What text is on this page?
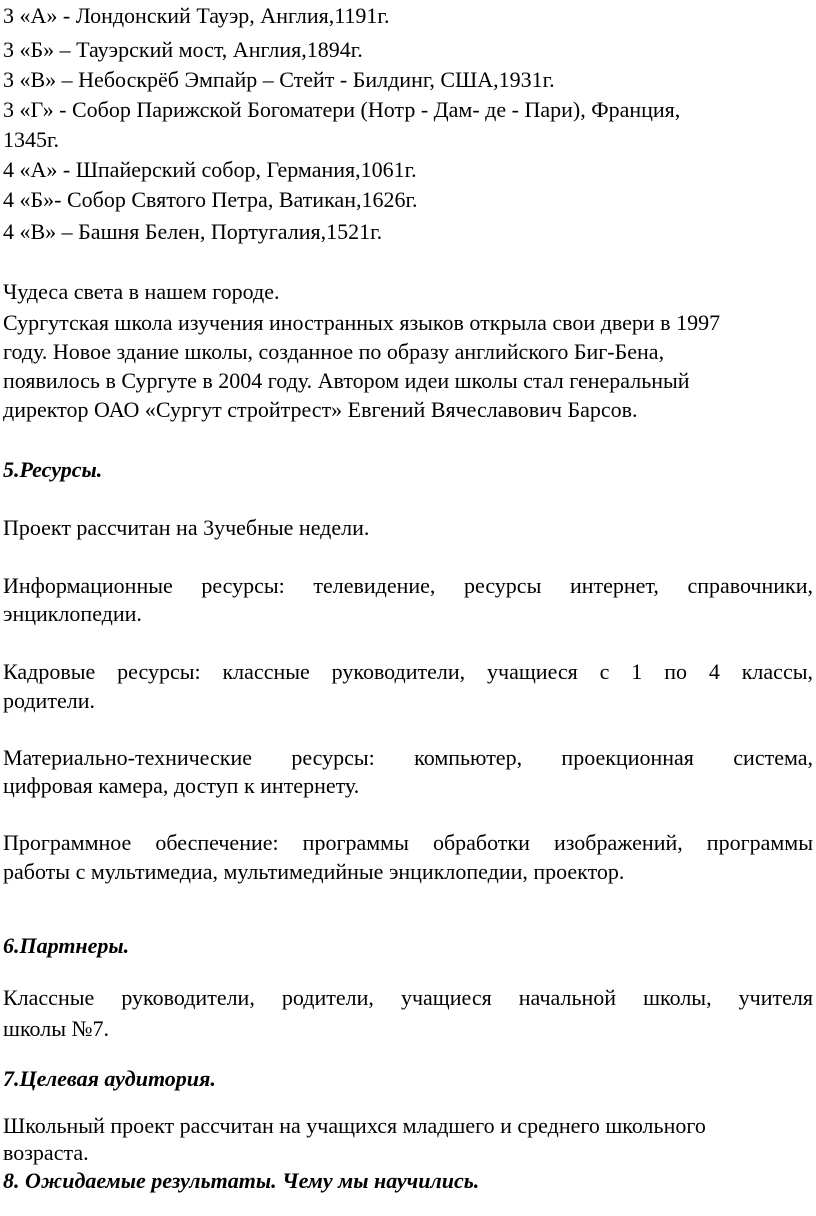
3 «А» - Лондонский Тауэр, Англия,1191г.

3 «Б» – Тауэрский мост, Англия,1894г.

3 «В» – Небоскрёб Эмпайр – Стейт - Билдинг, США,1931г.

3 «Г» - Собор Парижской Богоматери (Нотр - Дам- де - Пари), Франция,

1345г.

4 «А» - Шпайерский собор, Германия,1061г.

4 «Б»- Собор Святого Петра, Ватикан,1626г.

4 «В» – Башня Белен, Португалия,1521г.

Чудеса света в нашем городе.

Сургутская школа изучения иностранных языков открыла свои двери в 1997

году. Новое здание школы, созданное по образу английского Биг-Бена,

появилось в Сургуте в 2004 году. Автором идеи школы стал генеральный

директор ОАО «Сургут стройтрест» Евгений Вячеславович Барсов.

5.Ресурсы.

Проект рассчитан на 3учебные недели.

Информационные ресурсы: телевидение, ресурсы интернет, справочники,

энциклопедии.

Кадровые ресурсы: классные руководители, учащиеся с 1 по 4 классы,

родители.

Материально-технические ресурсы: компьютер, проекционная система,

цифровая камера, доступ к интернету.

Программное обеспечение: программы обработки изображений, программы

работы с мультимедиа, мультимедийные энциклопедии, проектор.

6.Партнеры.

Классные руководители, родители, учащиеся начальной школы, учителя

школы №7.

7.Целевая аудитория.

Школьный проект рассчитан на учащихся младшего и среднего школьного

возраста.

8. Ожидаемые результаты. Чему мы научились.
